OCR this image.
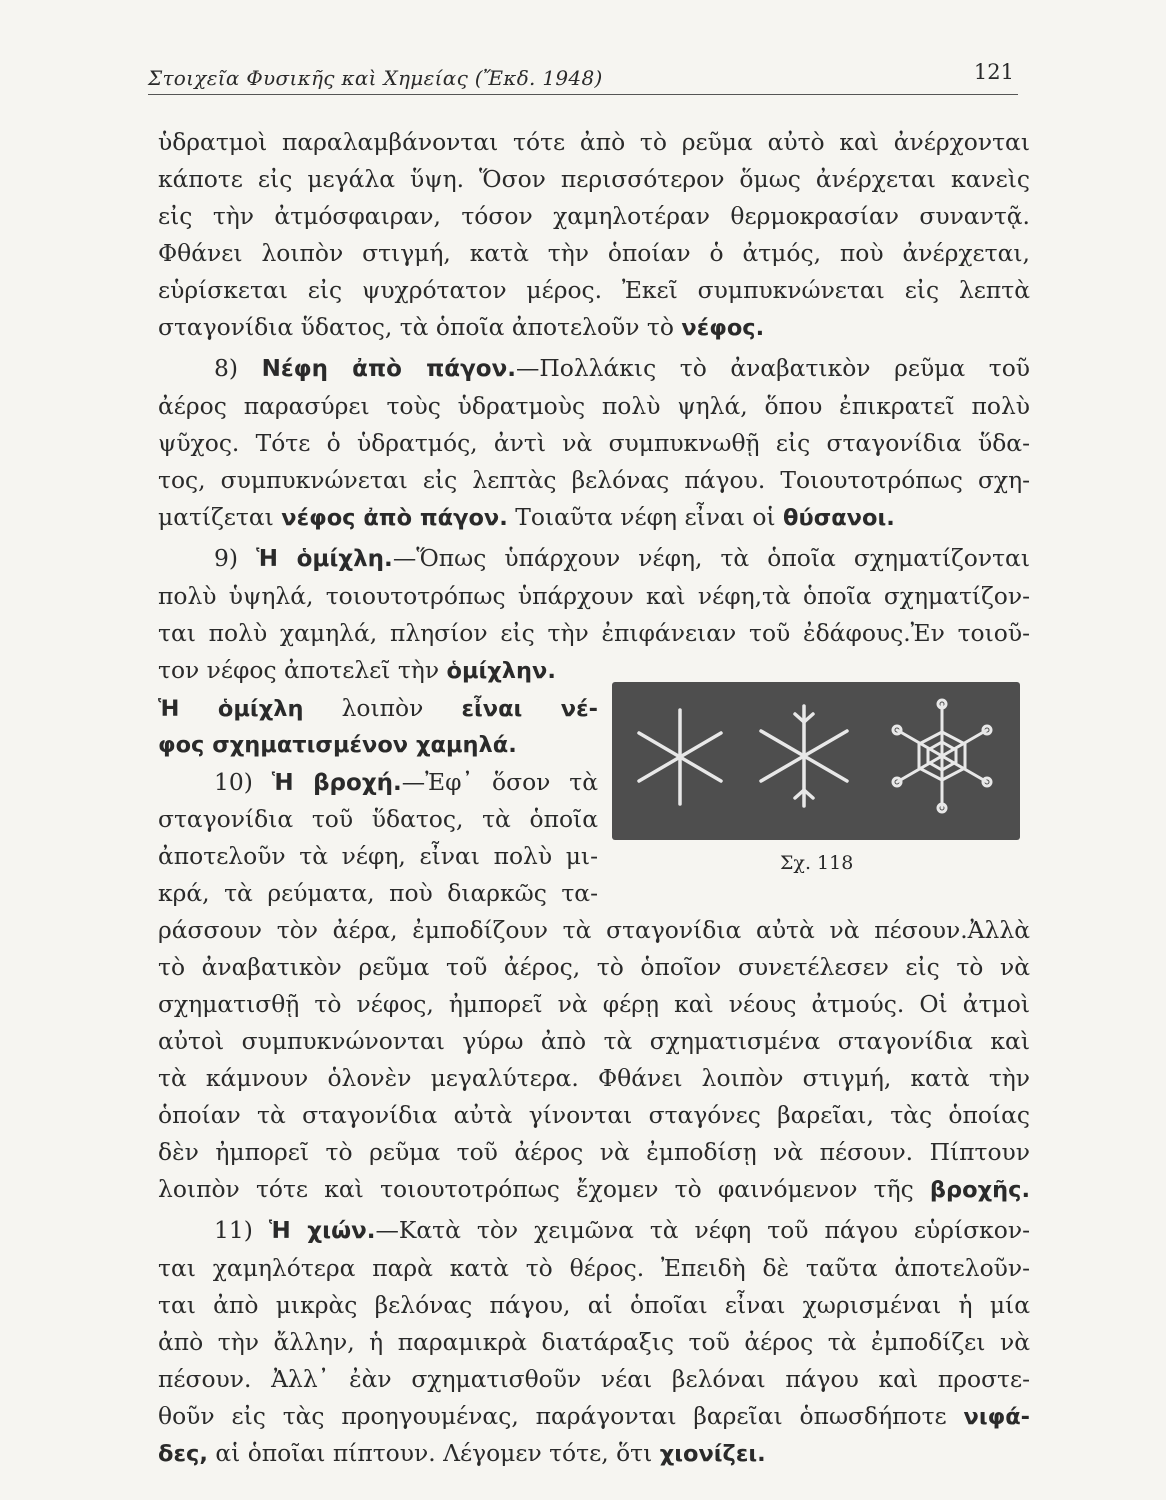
Στοιχεῖα Φυσικῆς καὶ Χημείας (Ἔκδ. 1948)	121
ὑδρατμοὶ παραλαμβάνονται τότε ἀπὸ τὸ ρεῦμα αὐτὸ καὶ ἀνέρχονται
κάποτε εἰς μεγάλα ὕψη. Ὅσον περισσότερον ὅμως ἀνέρχεται κανεὶς
εἰς τὴν ἀτμόσφαιραν, τόσον χαμηλοτέραν θερμοκρασίαν συναντᾷ.
Φθάνει λοιπὸν στιγμή, κατὰ τὴν ὁποίαν ὁ ἀτμός, ποὺ ἀνέρχεται,
εὑρίσκεται εἰς ψυχρότατον μέρος. Ἐκεῖ συμπυκνώνεται εἰς λεπτὰ
σταγονίδια ὕδατος, τὰ ὁποῖα ἀποτελοῦν τὸ νέφος.
8) Νέφη ἀπὸ πάγον.—Πολλάκις τὸ ἀναβατικὸν ρεῦμα τοῦ
ἀέρος παρασύρει τοὺς ὑδρατμοὺς πολὺ ψηλά, ὅπου ἐπικρατεῖ πολὺ
ψῦχος. Τότε ὁ ὑδρατμός, ἀντὶ νὰ συμπυκνωθῇ εἰς σταγονίδια ὕδα-
τος, συμπυκνώνεται εἰς λεπτὰς βελόνας πάγου. Τοιουτοτρόπως σχη-
ματίζεται νέφος ἀπὸ πάγον. Τοιαῦτα νέφη εἶναι οἱ θύσανοι.
9) Ἡ ὁμίχλη.—Ὅπως ὑπάρχουν νέφη, τὰ ὁποῖα σχηματίζονται
πολὺ ὑψηλά, τοιουτοτρόπως ὑπάρχουν καὶ νέφη,τὰ ὁποῖα σχηματίζον-
ται πολὺ χαμηλά, πλησίον εἰς τὴν ἐπιφάνειαν τοῦ ἐδάφους.Ἐν τοιοῦ-
τον νέφος ἀποτελεῖ τὴν ὁμίχλην.
Ἡ ὁμίχλη λοιπὸν εἶναι νέ-
φος σχηματισμένον χαμηλά.
10) Ἡ βροχή.—Ἐφ᾽ ὅσον τὰ
σταγονίδια τοῦ ὕδατος, τὰ ὁποῖα
ἀποτελοῦν τὰ νέφη, εἶναι πολὺ μι-
κρά, τὰ ρεύματα, ποὺ διαρκῶς τα-
ράσσουν τὸν ἀέρα, ἐμποδίζουν τὰ σταγονίδια αὐτὰ νὰ πέσουν.Ἀλλὰ
τὸ ἀναβατικὸν ρεῦμα τοῦ ἀέρος, τὸ ὁποῖον συνετέλεσεν εἰς τὸ νὰ
σχηματισθῇ τὸ νέφος, ἠμπορεῖ νὰ φέρῃ καὶ νέους ἀτμούς. Οἱ ἀτμοὶ
αὐτοὶ συμπυκνώνονται γύρω ἀπὸ τὰ σχηματισμένα σταγονίδια καὶ
τὰ κάμνουν ὁλονὲν μεγαλύτερα. Φθάνει λοιπὸν στιγμή, κατὰ τὴν
ὁποίαν τὰ σταγονίδια αὐτὰ γίνονται σταγόνες βαρεῖαι, τὰς ὁποίας
δὲν ἠμπορεῖ τὸ ρεῦμα τοῦ ἀέρος νὰ ἐμποδίσῃ νὰ πέσουν. Πίπτουν
λοιπὸν τότε καὶ τοιουτοτρόπως ἔχομεν τὸ φαινόμενον τῆς βροχῆς.
Σχ. 118
11) Ἡ χιών.—Κατὰ τὸν χειμῶνα τὰ νέφη τοῦ πάγου εὑρίσκον-
ται χαμηλότερα παρὰ κατὰ τὸ θέρος. Ἐπειδὴ δὲ ταῦτα ἀποτελοῦν-
ται ἀπὸ μικρὰς βελόνας πάγου, αἱ ὁποῖαι εἶναι χωρισμέναι ἡ μία
ἀπὸ τὴν ἄλλην, ἡ παραμικρὰ διατάραξις τοῦ ἀέρος τὰ ἐμποδίζει νὰ
πέσουν. Ἀλλ᾽ ἐὰν σχηματισθοῦν νέαι βελόναι πάγου καὶ προστε-
θοῦν εἰς τὰς προηγουμένας, παράγονται βαρεῖαι ὁπωσδήποτε νιφά-
δες, αἱ ὁποῖαι πίπτουν. Λέγομεν τότε, ὅτι χιονίζει.
